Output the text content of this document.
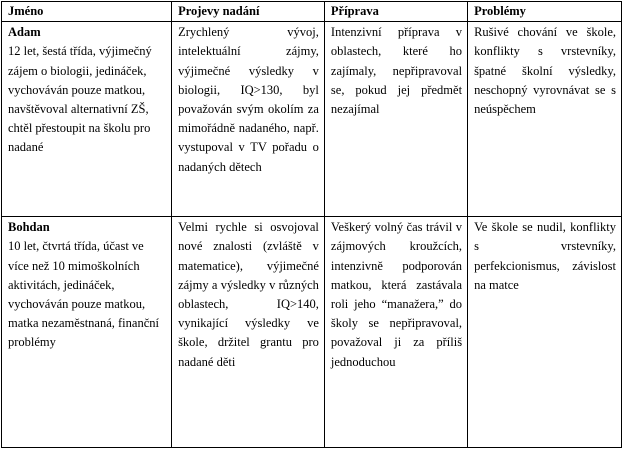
Jméno	Projevy nadání	Příprava	Problémy

Adam
12 let, šestá třída, výjimečný zájem o biologii, jedináček, vychováván pouze matkou, navštěvoval alternativní ZŠ, chtěl přestoupit na školu pro nadané	Zrychlený vývoj, intelektuální zájmy, výjimečné výsledky v biologii, IQ>130, byl považován svým okolím za mimořádně nadaného, např. vystupoval v TV pořadu o nadaných dětech	Intenzivní příprava v oblastech, které ho zajímaly, nepřipravoval se, pokud jej předmět nezajímal	Rušivé chování ve škole, konflikty s vrstevníky, špatné školní výsledky, neschopný vyrovnávat se s neúspěchem

Bohdan
10 let, čtvrtá třída, účast ve více než 10 mimoškolních aktivitách, jedináček, vychováván pouze matkou, matka nezaměstnaná, finanční problémy	Velmi rychle si osvojoval nové znalosti (zvláště v matematice), výjimečné zájmy a výsledky v různých oblastech, IQ>140, vynikající výsledky ve škole, držitel grantu pro nadané děti	Veškerý volný čas trávil v zájmových kroužcích, intenzivně podporován matkou, která zastávala roli jeho “manažera,” do školy se nepřipravoval, považoval ji za příliš jednoduchou	Ve škole se nudil, konflikty s vrstevníky, perfekcionismus, závislost na matce
